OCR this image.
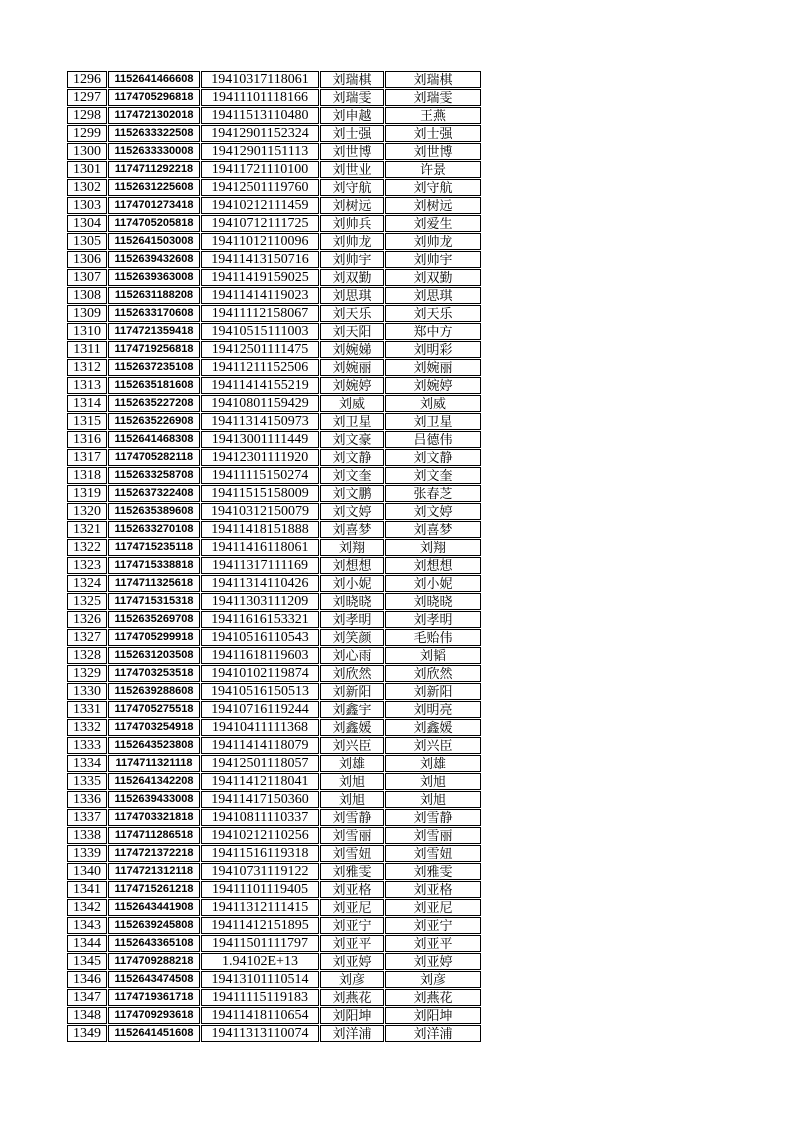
1296	1152641466608	19410317118061	刘瑞棋	刘瑞棋
1297	1174705296818	19411101118166	刘瑞雯	刘瑞雯
1298	1174721302018	19411513110480	刘申越	王燕
1299	1152633322508	19412901152324	刘士强	刘士强
1300	1152633330008	19412901151113	刘世博	刘世博
1301	1174711292218	19411721110100	刘世业	许景
1302	1152631225608	19412501119760	刘守航	刘守航
1303	1174701273418	19410212111459	刘树远	刘树远
1304	1174705205818	19410712111725	刘帅兵	刘爱生
1305	1152641503008	19411012110096	刘帅龙	刘帅龙
1306	1152639432608	19411413150716	刘帅宇	刘帅宇
1307	1152639363008	19411419159025	刘双勤	刘双勤
1308	1152631188208	19411414119023	刘思琪	刘思琪
1309	1152633170608	19411112158067	刘天乐	刘天乐
1310	1174721359418	19410515111003	刘天阳	郑中方
1311	1174719256818	19412501111475	刘婉娣	刘明彩
1312	1152637235108	19411211152506	刘婉丽	刘婉丽
1313	1152635181608	19411414155219	刘婉婷	刘婉婷
1314	1152635227208	19410801159429	刘威	刘威
1315	1152635226908	19411314150973	刘卫星	刘卫星
1316	1152641468308	19413001111449	刘文豪	吕德伟
1317	1174705282118	19412301111920	刘文静	刘文静
1318	1152633258708	19411115150274	刘文奎	刘文奎
1319	1152637322408	19411515158009	刘文鹏	张春芝
1320	1152635389608	19410312150079	刘文婷	刘文婷
1321	1152633270108	19411418151888	刘喜梦	刘喜梦
1322	1174715235118	19411416118061	刘翔	刘翔
1323	1174715338818	19411317111169	刘想想	刘想想
1324	1174711325618	19411314110426	刘小妮	刘小妮
1325	1174715315318	19411303111209	刘晓晓	刘晓晓
1326	1152635269708	19411616153321	刘孝明	刘孝明
1327	1174705299918	19410516110543	刘笑颜	毛贻伟
1328	1152631203508	19411618119603	刘心雨	刘韬
1329	1174703253518	19410102119874	刘欣然	刘欣然
1330	1152639288608	19410516150513	刘新阳	刘新阳
1331	1174705275518	19410716119244	刘鑫宇	刘明亮
1332	1174703254918	19410411111368	刘鑫媛	刘鑫媛
1333	1152643523808	19411414118079	刘兴臣	刘兴臣
1334	1174711321118	19412501118057	刘雄	刘雄
1335	1152641342208	19411412118041	刘旭	刘旭
1336	1152639433008	19411417150360	刘旭	刘旭
1337	1174703321818	19410811110337	刘雪静	刘雪静
1338	1174711286518	19410212110256	刘雪丽	刘雪丽
1339	1174721372218	19411516119318	刘雪妞	刘雪妞
1340	1174721312118	19410731119122	刘雅雯	刘雅雯
1341	1174715261218	19411101119405	刘亚格	刘亚格
1342	1152643441908	19411312111415	刘亚尼	刘亚尼
1343	1152639245808	19411412151895	刘亚宁	刘亚宁
1344	1152643365108	19411501111797	刘亚平	刘亚平
1345	1174709288218	1.94102E+13	刘亚婷	刘亚婷
1346	1152643474508	19413101110514	刘彦	刘彦
1347	1174719361718	19411115119183	刘燕花	刘燕花
1348	1174709293618	19411418110654	刘阳坤	刘阳坤
1349	1152641451608	19411313110074	刘洋浦	刘洋浦
